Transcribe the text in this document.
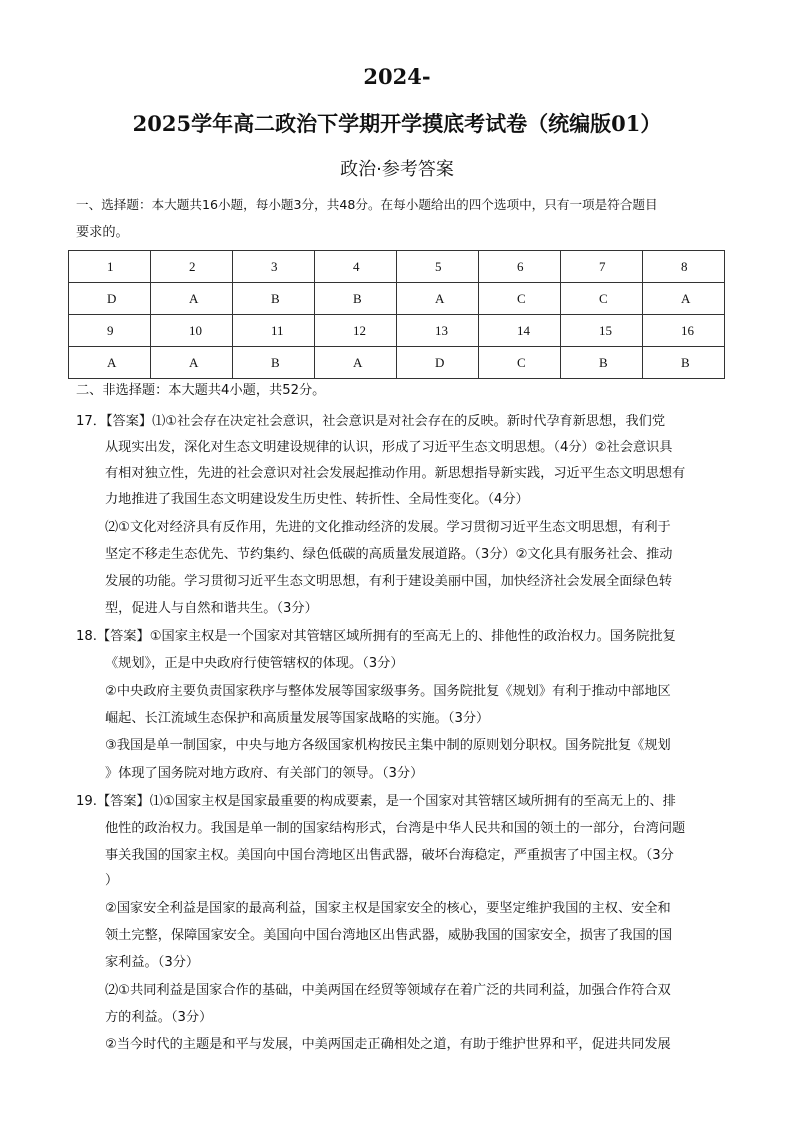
2024-
2025学年高二政治下学期开学摸底考试卷（统编版01）
政治·参考答案
一、选择题：本大题共16小题，每小题3分，共48分。在每小题给出的四个选项中，只有一项是符合题目
要求的。
1	2	3	4	5	6	7	8
D	A	B	B	A	C	C	A
9	10	11	12	13	14	15	16
A	A	B	A	D	C	B	B
二、非选择题：本大题共4小题，共52分。
17．【答案】⑴①社会存在决定社会意识，社会意识是对社会存在的反映。新时代孕育新思想，我们党
从现实出发，深化对生态文明建设规律的认识，形成了习近平生态文明思想。（4分）②社会意识具
有相对独立性，先进的社会意识对社会发展起推动作用。新思想指导新实践，习近平生态文明思想有
力地推进了我国生态文明建设发生历史性、转折性、全局性变化。（4分）
⑵①文化对经济具有反作用，先进的文化推动经济的发展。学习贯彻习近平生态文明思想，有利于
坚定不移走生态优先、节约集约、绿色低碳的高质量发展道路。（3分）②文化具有服务社会、推动
发展的功能。学习贯彻习近平生态文明思想，有利于建设美丽中国，加快经济社会发展全面绿色转
型，促进人与自然和谐共生。（3分）
18.【答案】①国家主权是一个国家对其管辖区域所拥有的至高无上的、排他性的政治权力。国务院批复
《规划》，正是中央政府行使管辖权的体现。（3分）
②中央政府主要负责国家秩序与整体发展等国家级事务。国务院批复《规划》有利于推动中部地区
崛起、长江流域生态保护和高质量发展等国家战略的实施。（3分）
③我国是单一制国家，中央与地方各级国家机构按民主集中制的原则划分职权。国务院批复《规划
》体现了国务院对地方政府、有关部门的领导。（3分）
19.【答案】⑴①国家主权是国家最重要的构成要素，是一个国家对其管辖区域所拥有的至高无上的、排
他性的政治权力。我国是单一制的国家结构形式，台湾是中华人民共和国的领土的一部分，台湾问题
事关我国的国家主权。美国向中国台湾地区出售武器，破坏台海稳定，严重损害了中国主权。（3分
）
②国家安全利益是国家的最高利益，国家主权是国家安全的核心，要坚定维护我国的主权、安全和
领土完整，保障国家安全。美国向中国台湾地区出售武器，威胁我国的国家安全，损害了我国的国
家利益。（3分）
⑵①共同利益是国家合作的基础，中美两国在经贸等领域存在着广泛的共同利益，加强合作符合双
方的利益。（3分）
②当今时代的主题是和平与发展，中美两国走正确相处之道，有助于维护世界和平，促进共同发展
